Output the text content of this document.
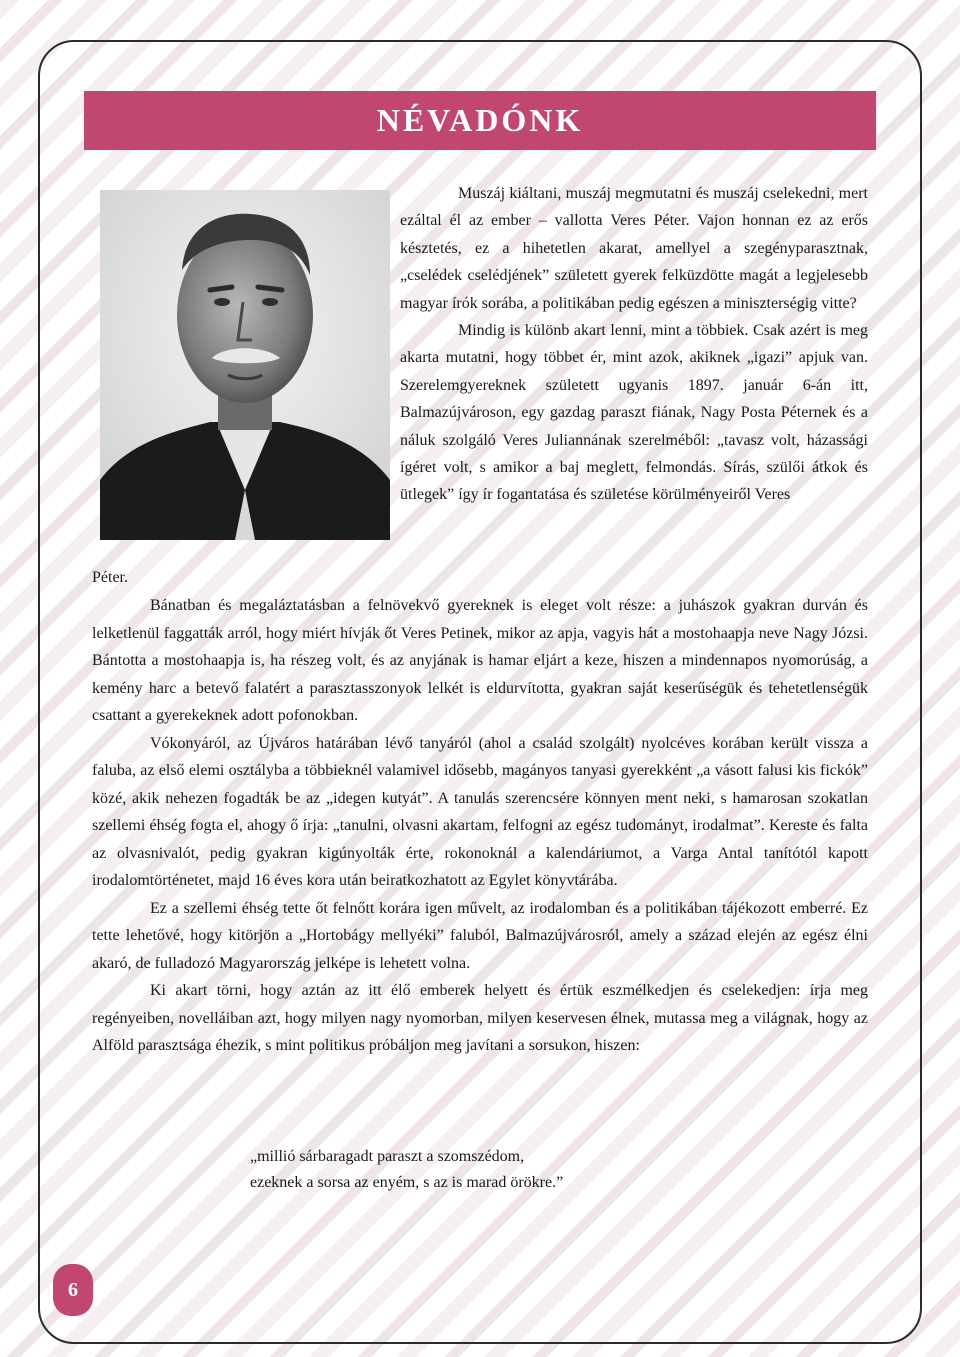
NÉVADÓNK

Muszáj kiáltani, muszáj megmutatni és muszáj cselekedni, mert ezáltal él az ember – vallotta Veres Péter. Vajon honnan ez az erős késztetés, ez a hihetetlen akarat, amellyel a szegényparasztnak, „cselédek cselédjének” született gyerek felküzdötte magát a legjelesebb magyar írók sorába, a politikában pedig egészen a miniszterségig vitte?

Mindig is különb akart lenni, mint a többiek. Csak azért is meg akarta mutatni, hogy többet ér, mint azok, akiknek „igazi” apjuk van. Szerelemgyereknek született ugyanis 1897. január 6-án itt, Balmazújvároson, egy gazdag paraszt fiának, Nagy Posta Péternek és a náluk szolgáló Veres Juliannának szerelméből: „tavasz volt, házassági ígéret volt, s amikor a baj meglett, felmondás. Sírás, szülői átkok és ütlegek” így ír fogantatása és születése körülményeiről Veres

Péter.

Bánatban és megaláztatásban a felnövekvő gyereknek is eleget volt része: a juhászok gyakran durván és lelketlenül faggatták arról, hogy miért hívják őt Veres Petinek, mikor az apja, vagyis hát a mostohaapja neve Nagy Józsi. Bántotta a mostohaapja is, ha részeg volt, és az anyjának is hamar eljárt a keze, hiszen a mindennapos nyomorúság, a kemény harc a betevő falatért a parasztasszonyok lelkét is eldurvította, gyakran saját keserűségük és tehetetlenségük csattant a gyerekeknek adott pofonokban.

Vókonyáról, az Újváros határában lévő tanyáról (ahol a család szolgált) nyolcéves korában került vissza a faluba, az első elemi osztályba a többieknél valamivel idősebb, magányos tanyasi gyerekként „a vásott falusi kis fickók” közé, akik nehezen fogadták be az „idegen kutyát”. A tanulás szerencsére könnyen ment neki, s hamarosan szokatlan szellemi éhség fogta el, ahogy ő írja: „tanulni, olvasni akartam, felfogni az egész tudományt, irodalmat”. Kereste és falta az olvasnivalót, pedig gyakran kigúnyolták érte, rokonoknál a kalendáriumot, a Varga Antal tanítótól kapott irodalomtörténetet, majd 16 éves kora után beiratkozhatott az Egylet könyvtárába.

Ez a szellemi éhség tette őt felnőtt korára igen művelt, az irodalomban és a politikában tájékozott emberré. Ez tette lehetővé, hogy kitörjön a „Hortobágy mellyéki” faluból, Balmazújvárosról, amely a század elején az egész élni akaró, de fulladozó Magyarország jelképe is lehetett volna.

Ki akart törni, hogy aztán az itt élő emberek helyett és értük eszmélkedjen és cselekedjen: írja meg regényeiben, novelláiban azt, hogy milyen nagy nyomorban, milyen keservesen élnek, mutassa meg a világnak, hogy az Alföld parasztsága éhezik, s mint politikus próbáljon meg javítani a sorsukon, hiszen:

„millió sárbaragadt paraszt a szomszédom,
ezeknek a sorsa az enyém, s az is marad örökre.”
6
